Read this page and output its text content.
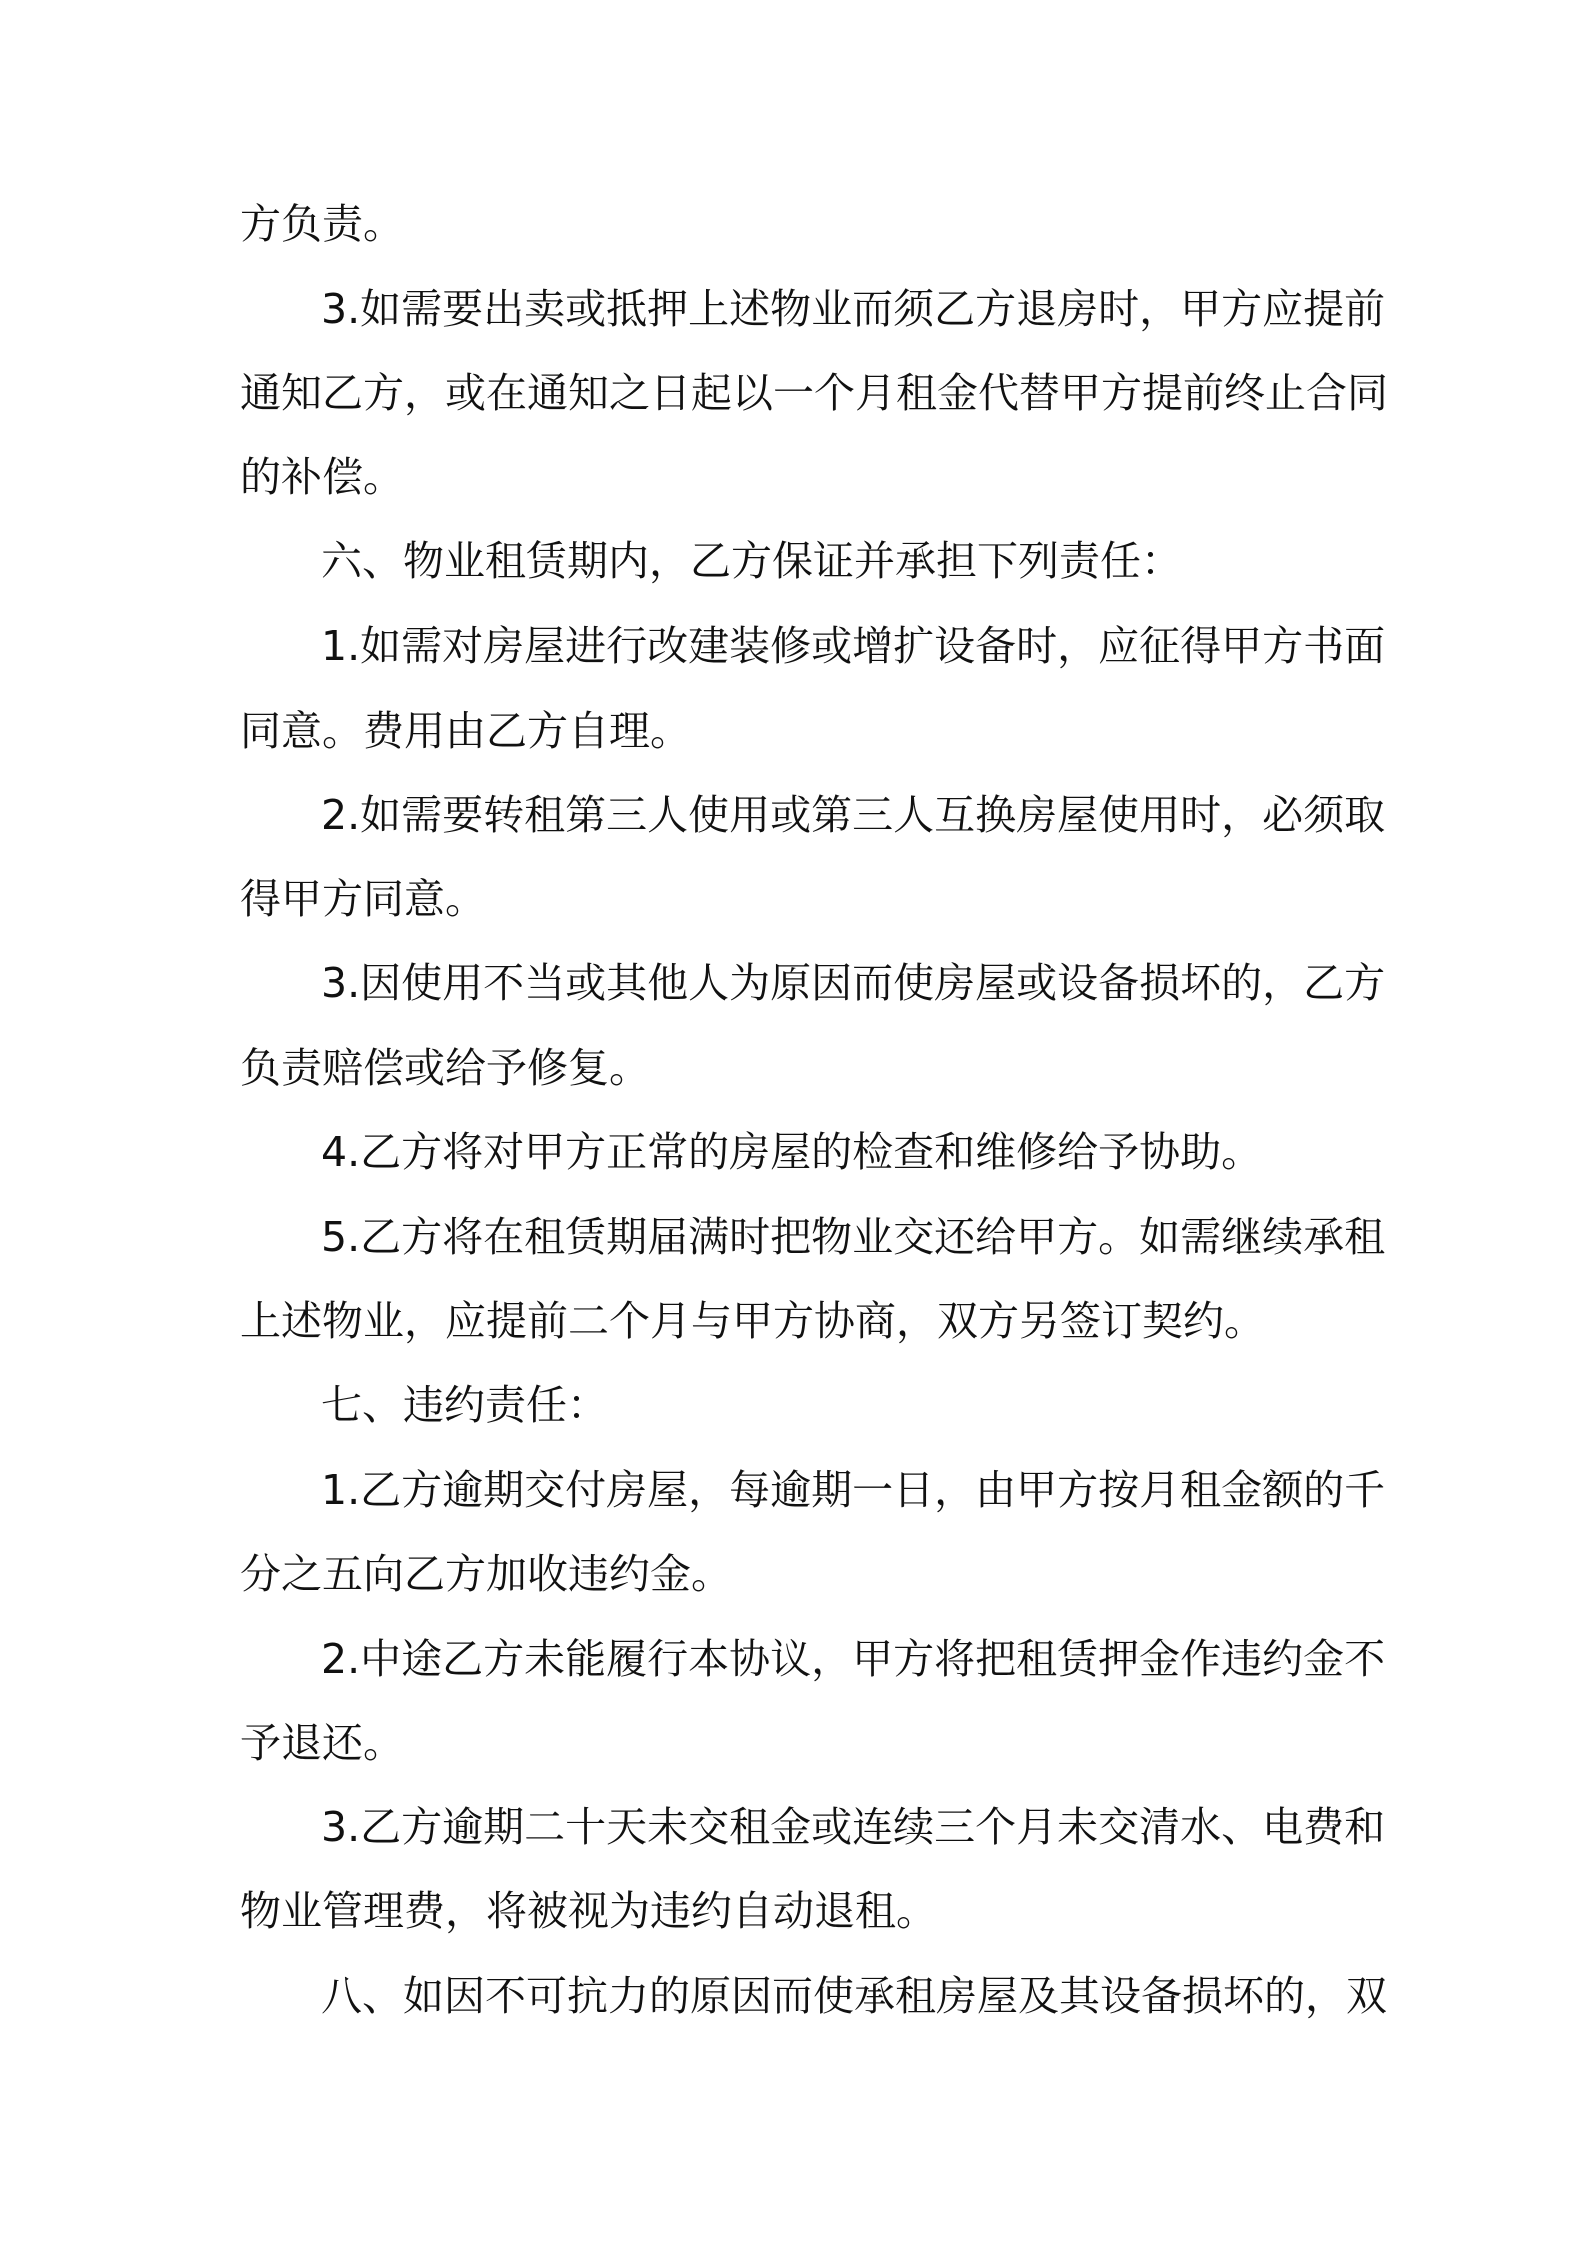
方负责。
3.如需要出卖或抵押上述物业而须乙方退房时，甲方应提前
通知乙方，或在通知之日起以一个月租金代替甲方提前终止合同
的补偿。
六、物业租赁期内，乙方保证并承担下列责任：
1.如需对房屋进行改建装修或增扩设备时，应征得甲方书面
同意。费用由乙方自理。
2.如需要转租第三人使用或第三人互换房屋使用时，必须取
得甲方同意。
3.因使用不当或其他人为原因而使房屋或设备损坏的，乙方
负责赔偿或给予修复。
4.乙方将对甲方正常的房屋的检查和维修给予协助。
5.乙方将在租赁期届满时把物业交还给甲方。如需继续承租
上述物业，应提前二个月与甲方协商，双方另签订契约。
七、违约责任：
1.乙方逾期交付房屋，每逾期一日，由甲方按月租金额的千
分之五向乙方加收违约金。
2.中途乙方未能履行本协议，甲方将把租赁押金作违约金不
予退还。
3.乙方逾期二十天未交租金或连续三个月未交清水、电费和
物业管理费，将被视为违约自动退租。
八、如因不可抗力的原因而使承租房屋及其设备损坏的，双
